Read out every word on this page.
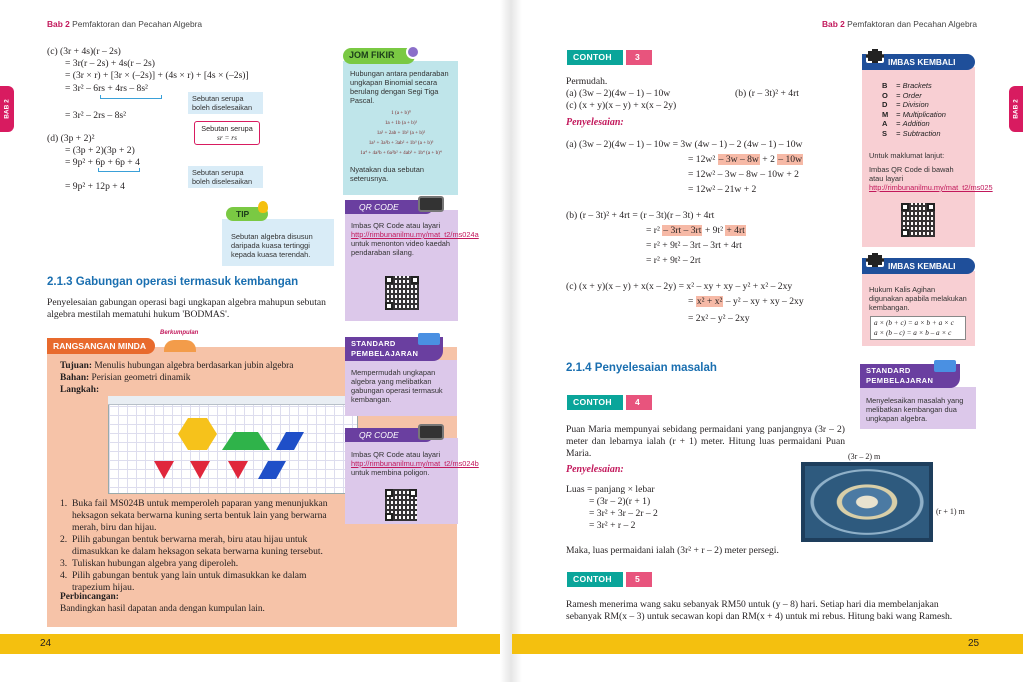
Bab 2 Pemfaktoran dan Pecahan Algebra
BAB 2
(c) (3r + 4s)(r – 2s)
= 3r(r – 2s) + 4s(r – 2s)
= (3r × r) + [3r × (–2s)] + (4s × r) + [4s × (–2s)]
= 3r² – 6rs + 4rs – 8s²
= 3r² – 2rs – 8s²
Sebutan serupa boleh diselesaikan
Sebutan serupa
sr = rs
(d) (3p + 2)²
= (3p + 2)(3p + 2)
= 9p² + 6p + 6p + 4
= 9p² + 12p + 4
Sebutan serupa boleh diselesaikan
JOM FIKIR
Hubungan antara pendaraban ungkapan Binomial secara berulang dengan Segi Tiga Pascal.
1 (a + b)⁰
1a + 1b (a + b)¹
1a² + 2ab + 1b² (a + b)²
1a³ + 3a²b + 3ab² + 1b³ (a + b)³
1a⁴ + 4a³b + 6a²b² + 4ab³ + 1b⁴ (a + b)⁴
Nyatakan dua sebutan seterusnya.
TIP
Sebutan algebra disusun daripada kuasa tertinggi kepada kuasa terendah.
QR CODE
Imbas QR Code atau layari http://rimbunanilmu.my/mat_t2/ms024a untuk menonton video kaedah pendaraban silang.
2.1.3 Gabungan operasi termasuk kembangan
Penyelesaian gabungan operasi bagi ungkapan algebra mahupun sebutan algebra mestilah mematuhi hukum 'BODMAS'.
RANGSANGAN MINDA
Berkumpulan
Tujuan: Menulis hubungan algebra berdasarkan jubin algebra
Bahan: Perisian geometri dinamik
Langkah:
1. Buka fail MS024B untuk memperoleh paparan yang menunjukkan heksagon sekata berwarna kuning serta bentuk lain yang berwarna merah, biru dan hijau.
2. Pilih gabungan bentuk berwarna merah, biru atau hijau untuk dimasukkan ke dalam heksagon sekata berwarna kuning tersebut.
3. Tuliskan hubungan algebra yang diperoleh.
4. Pilih gabungan bentuk yang lain untuk dimasukkan ke dalam trapezium hijau.
Perbincangan:
Bandingkan hasil dapatan anda dengan kumpulan lain.
STANDARD
PEMBELAJARAN
Mempermudah ungkapan algebra yang melibatkan gabungan operasi termasuk kembangan.
QR CODE
Imbas QR Code atau layari http://rimbunanilmu.my/mat_t2/ms024b untuk membina poligon.
24
Bab 2 Pemfaktoran dan Pecahan Algebra
BAB 2
CONTOH	3
Permudah.
(a) (3w – 2)(4w – 1) – 10w	(b) (r – 3t)² + 4rt
(c) (x + y)(x – y) + x(x – 2y)
Penyelesaian:
(a) (3w – 2)(4w – 1) – 10w = 3w (4w – 1) – 2 (4w – 1) – 10w
= 12w² – 3w – 8w + 2 – 10w
= 12w² – 3w – 8w – 10w + 2
= 12w² – 21w + 2
(b) (r – 3t)² + 4rt = (r – 3t)(r – 3t) + 4rt
= r² – 3rt – 3rt + 9t² + 4rt
= r² + 9t² – 3rt – 3rt + 4rt
= r² + 9t² – 2rt
(c) (x + y)(x – y) + x(x – 2y) = x² – xy + xy – y² + x² – 2xy
= x² + x² – y² – xy + xy – 2xy
= 2x² – y² – 2xy
IMBAS KEMBALI
B = Brackets
O = Order
D = Division
M = Multiplication
A = Addition
S = Subtraction
Untuk maklumat lanjut:
Imbas QR Code di bawah atau layari http://rimbunanilmu.my/mat_t2/ms025
IMBAS KEMBALI
Hukum Kalis Agihan digunakan apabila melakukan kembangan.
a × (b + c) = a × b + a × c
a × (b – c) = a × b – a × c
2.1.4 Penyelesaian masalah	STANDARD
PEMBELAJARAN
Menyelesaikan masalah yang melibatkan kembangan dua ungkapan algebra.
CONTOH	4
Puan Maria mempunyai sebidang permaidani yang panjangnya (3r – 2) meter dan lebarnya ialah (r + 1) meter. Hitung luas permaidani Puan Maria.
Penyelesaian:
Luas = panjang × lebar
= (3r – 2)(r + 1)
= 3r² + 3r – 2r – 2
= 3r² + r – 2
(3r – 2) m
(r + 1) m
Maka, luas permaidani ialah (3r² + r – 2) meter persegi.
CONTOH	5
Ramesh menerima wang saku sebanyak RM50 untuk (y – 8) hari. Setiap hari dia membelanjakan sebanyak RM(x – 3) untuk secawan kopi dan RM(x + 4) untuk mi rebus. Hitung baki wang Ramesh.
25
